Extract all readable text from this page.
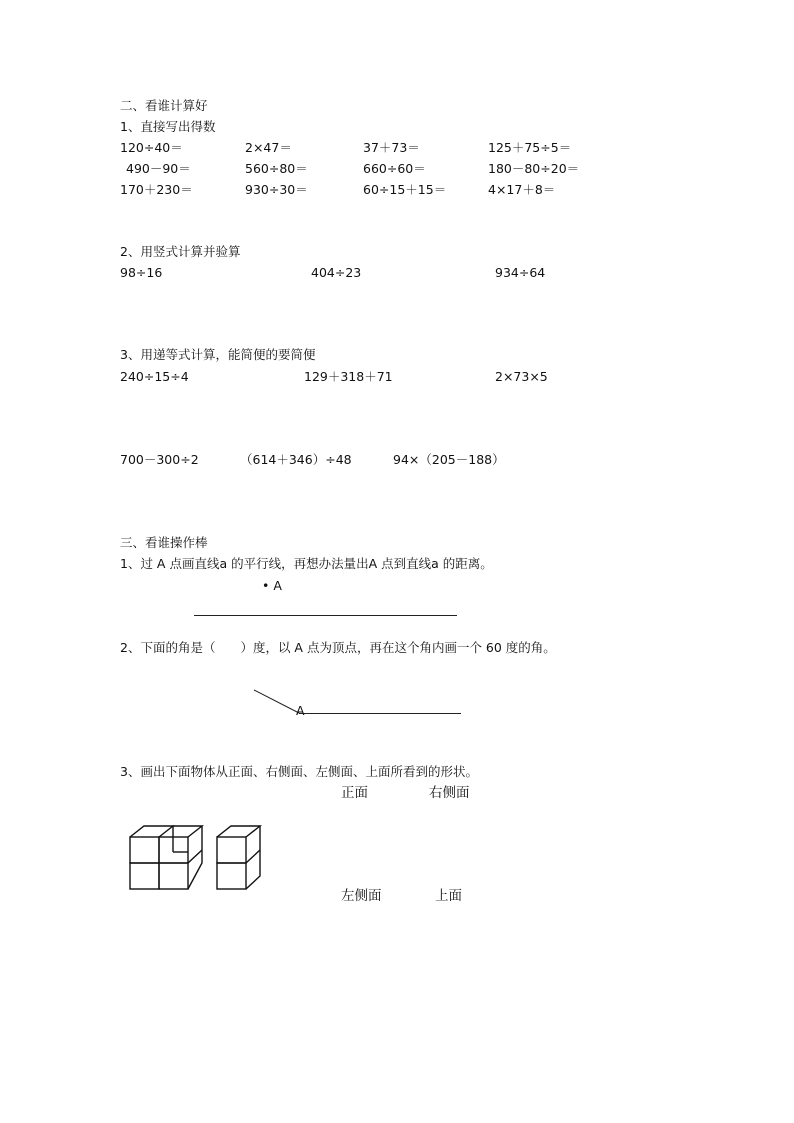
二、看谁计算好
1、直接写出得数
120÷40＝	2×47＝	37＋73＝	125＋75÷5＝
490－90＝	560÷80＝	660÷60＝	180－80÷20＝
170＋230＝	930÷30＝	60÷15＋15＝	4×17＋8＝
2、用竖式计算并验算
98÷16	404÷23	934÷64
3、用递等式计算，能简便的要简便
240÷15÷4	129＋318＋71	2×73×5
700－300÷2	（614＋346）÷48	94×（205－188）
三、看谁操作棒
1、过 A 点画直线a 的平行线，再想办法量出A 点到直线a 的距离。
• A
2、下面的角是（　　）度，以 A 点为顶点，再在这个角内画一个 60 度的角。
A
3、画出下面物体从正面、右侧面、左侧面、上面所看到的形状。
正面	右侧面
左侧面	上面
